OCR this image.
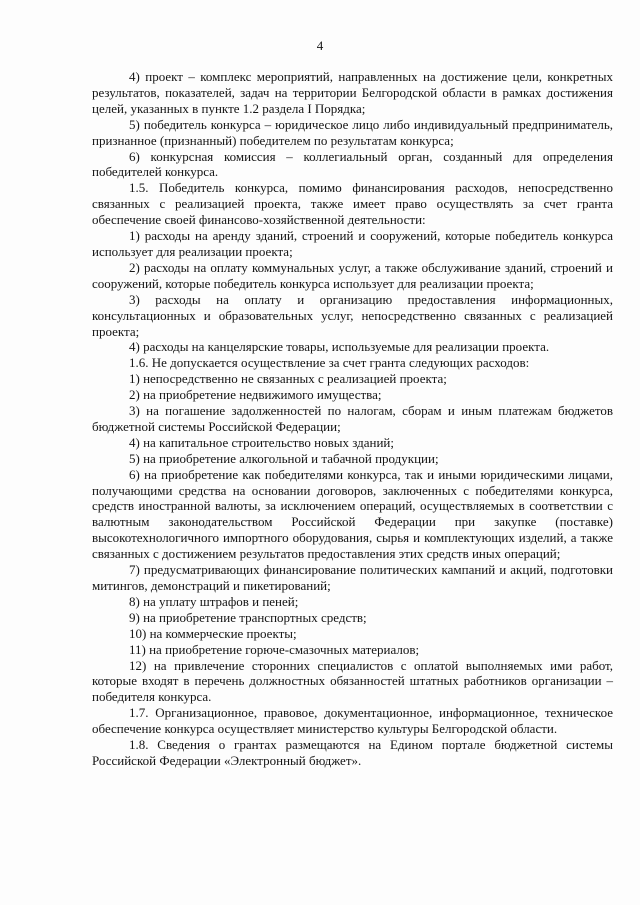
4

4) проект – комплекс мероприятий, направленных на достижение цели, конкретных результатов, показателей, задач на территории Белгородской области в рамках достижения целей, указанных в пункте 1.2 раздела I Порядка;

5) победитель конкурса – юридическое лицо либо индивидуальный предприниматель, признанное (признанный) победителем по результатам конкурса;

6) конкурсная комиссия – коллегиальный орган, созданный для определения победителей конкурса.

1.5. Победитель конкурса, помимо финансирования расходов, непосредственно связанных с реализацией проекта, также имеет право осуществлять за счет гранта обеспечение своей финансово-хозяйственной деятельности:

1) расходы на аренду зданий, строений и сооружений, которые победитель конкурса использует для реализации проекта;

2) расходы на оплату коммунальных услуг, а также обслуживание зданий, строений и сооружений, которые победитель конкурса использует для реализации проекта;

3) расходы на оплату и организацию предоставления информационных, консультационных и образовательных услуг, непосредственно связанных с реализацией проекта;

4) расходы на канцелярские товары, используемые для реализации проекта.

1.6. Не допускается осуществление за счет гранта следующих расходов:

1) непосредственно не связанных с реализацией проекта;

2) на приобретение недвижимого имущества;

3) на погашение задолженностей по налогам, сборам и иным платежам бюджетов бюджетной системы Российской Федерации;

4) на капитальное строительство новых зданий;

5) на приобретение алкогольной и табачной продукции;

6) на приобретение как победителями конкурса, так и иными юридическими лицами, получающими средства на основании договоров, заключенных с победителями конкурса, средств иностранной валюты, за исключением операций, осуществляемых в соответствии с валютным законодательством Российской Федерации при закупке (поставке) высокотехнологичного импортного оборудования, сырья и комплектующих изделий, а также связанных с достижением результатов предоставления этих средств иных операций;

7) предусматривающих финансирование политических кампаний и акций, подготовки митингов, демонстраций и пикетирований;

8) на уплату штрафов и пеней;

9) на приобретение транспортных средств;

10) на коммерческие проекты;

11) на приобретение горюче-смазочных материалов;

12) на привлечение сторонних специалистов с оплатой выполняемых ими работ, которые входят в перечень должностных обязанностей штатных работников организации – победителя конкурса.

1.7. Организационное, правовое, документационное, информационное, техническое обеспечение конкурса осуществляет министерство культуры Белгородской области.

1.8. Сведения о грантах размещаются на Едином портале бюджетной системы Российской Федерации «Электронный бюджет».
